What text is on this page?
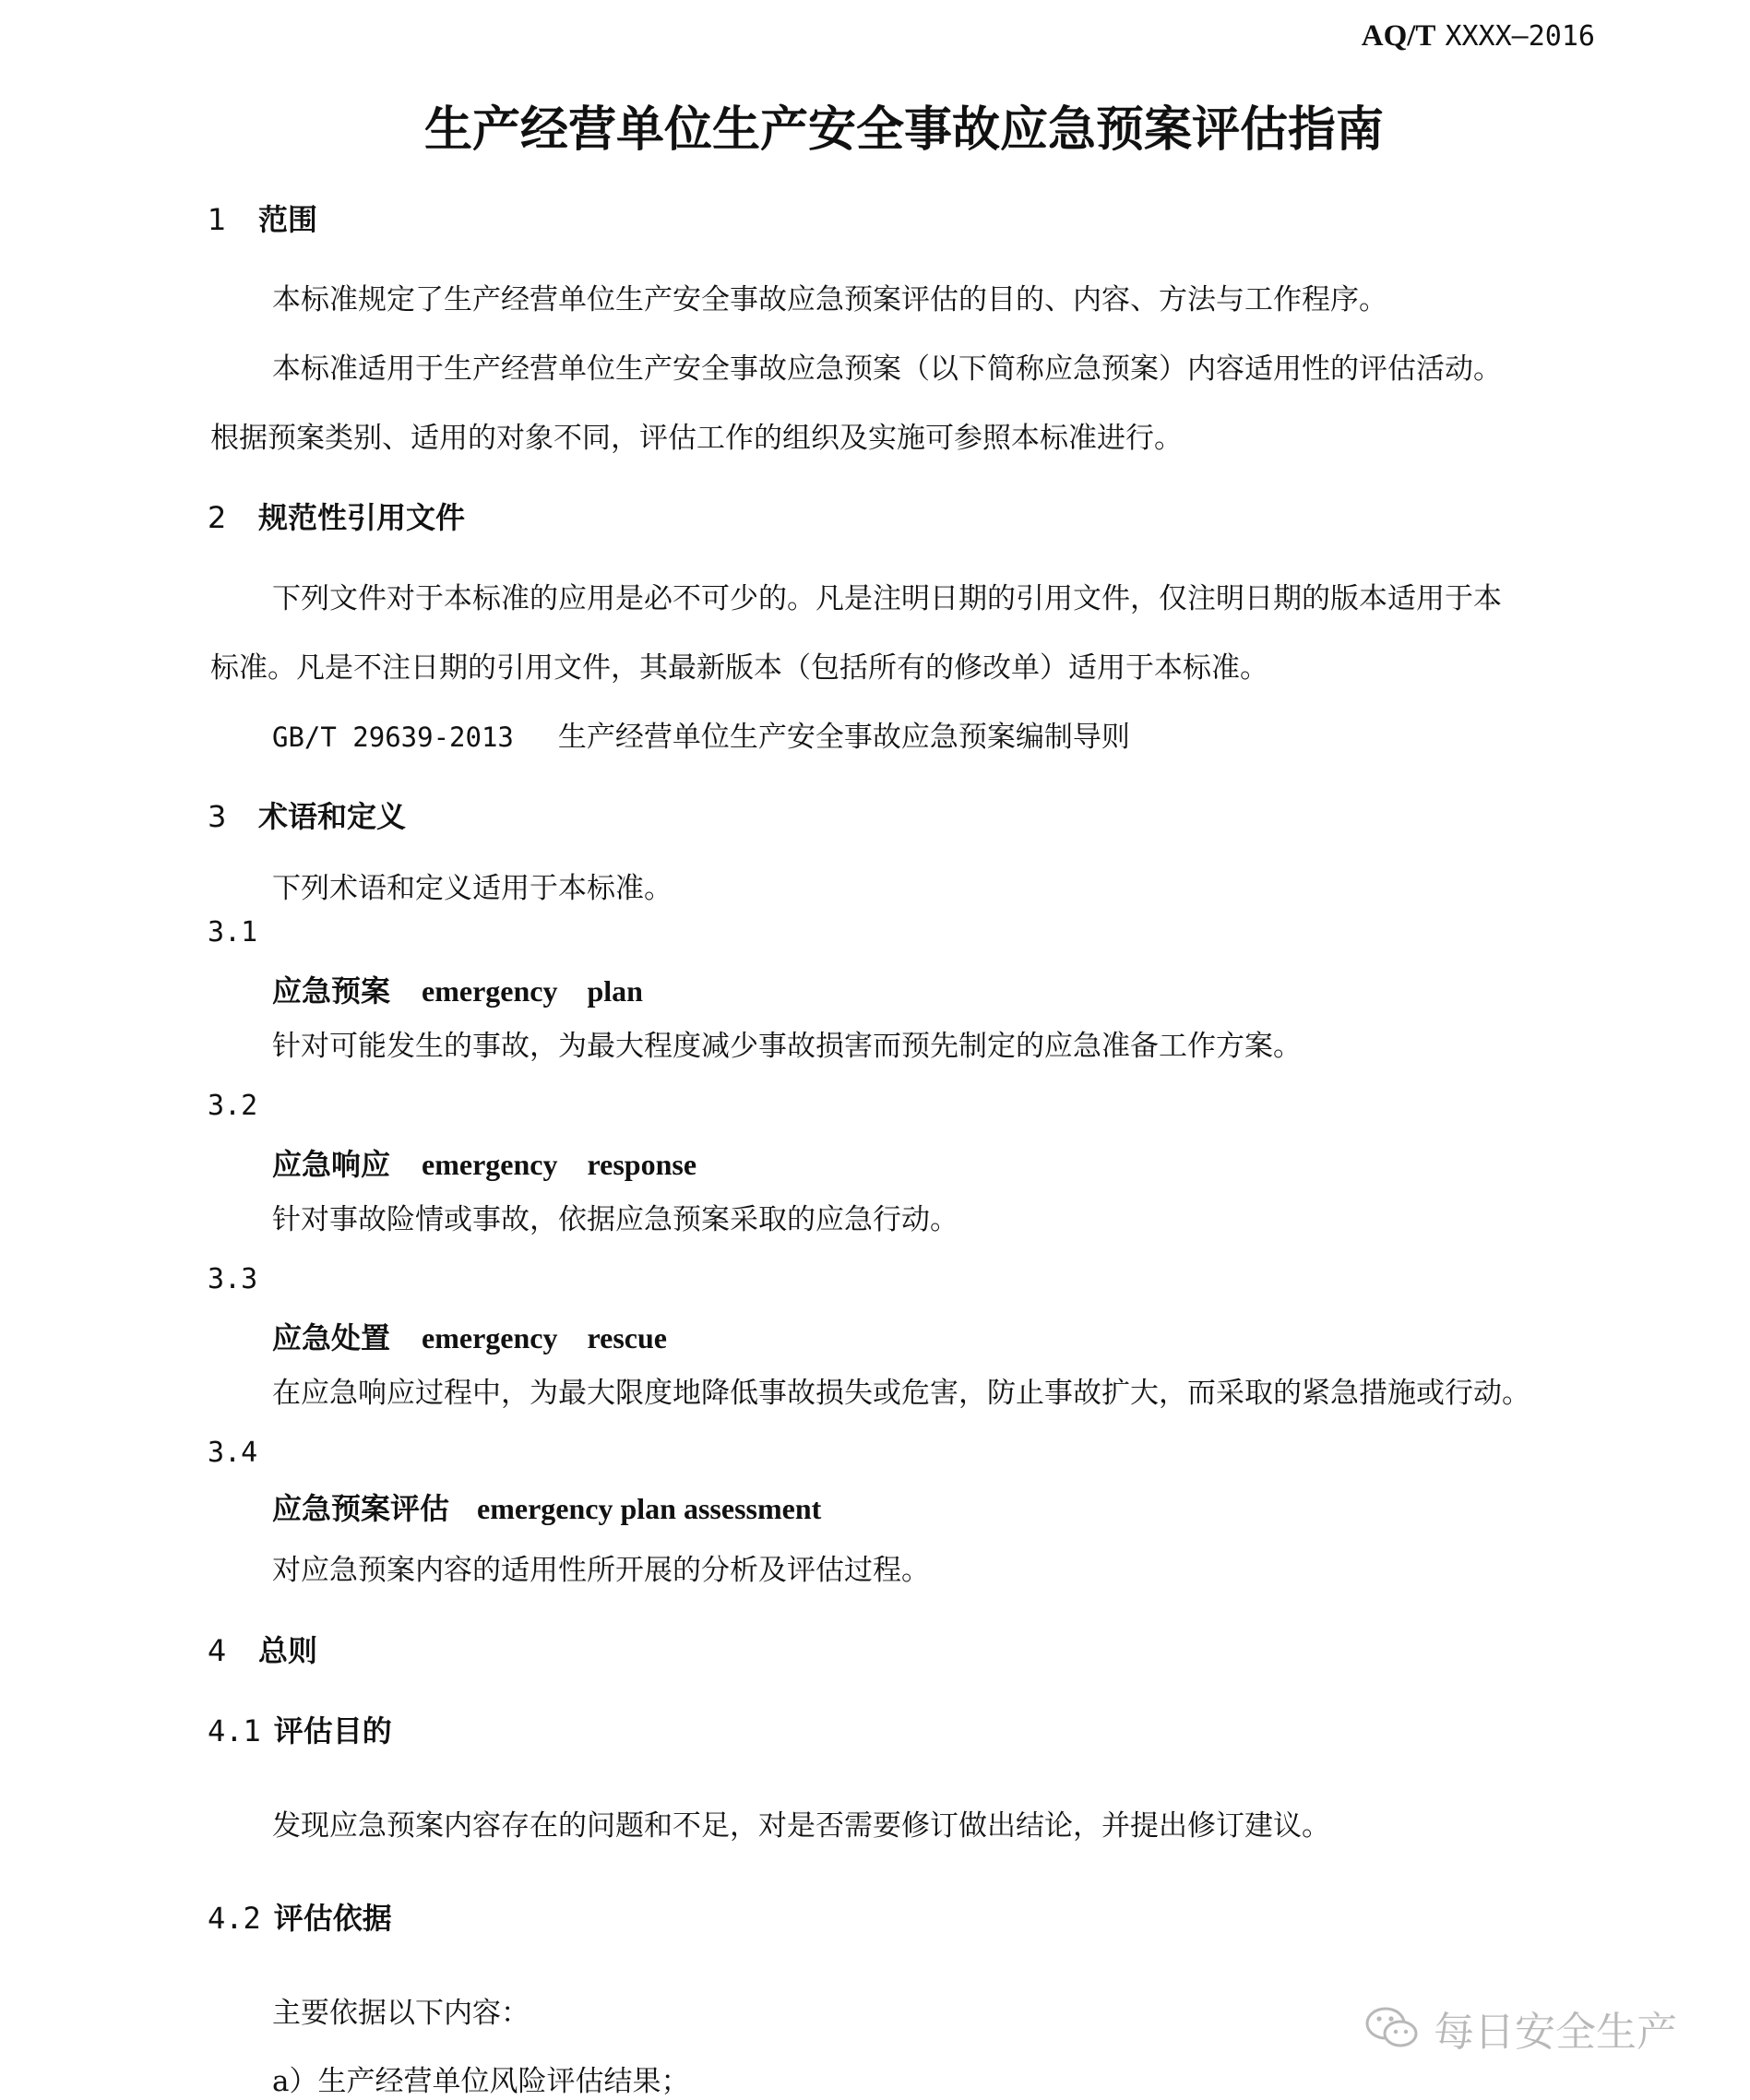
AQ/T XXXX—2016
生产经营单位生产安全事故应急预案评估指南
1 范围
本标准规定了生产经营单位生产安全事故应急预案评估的目的、内容、方法与工作程序。
本标准适用于生产经营单位生产安全事故应急预案（以下简称应急预案）内容适用性的评估活动。
根据预案类别、适用的对象不同，评估工作的组织及实施可参照本标准进行。
2 规范性引用文件
下列文件对于本标准的应用是必不可少的。凡是注明日期的引用文件，仅注明日期的版本适用于本
标准。凡是不注日期的引用文件，其最新版本（包括所有的修改单）适用于本标准。
GB/T 29639-2013 生产经营单位生产安全事故应急预案编制导则
3 术语和定义
下列术语和定义适用于本标准。
3.1
应急预案 emergency　plan
针对可能发生的事故，为最大程度减少事故损害而预先制定的应急准备工作方案。
3.2
应急响应 emergency　response
针对事故险情或事故，依据应急预案采取的应急行动。
3.3
应急处置 emergency　rescue
在应急响应过程中，为最大限度地降低事故损失或危害，防止事故扩大，而采取的紧急措施或行动。
3.4
应急预案评估 emergency plan assessment
对应急预案内容的适用性所开展的分析及评估过程。
4 总则
4.1 评估目的
发现应急预案内容存在的问题和不足，对是否需要修订做出结论，并提出修订建议。
4.2 评估依据
主要依据以下内容：
a）生产经营单位风险评估结果；
每日安全生产
